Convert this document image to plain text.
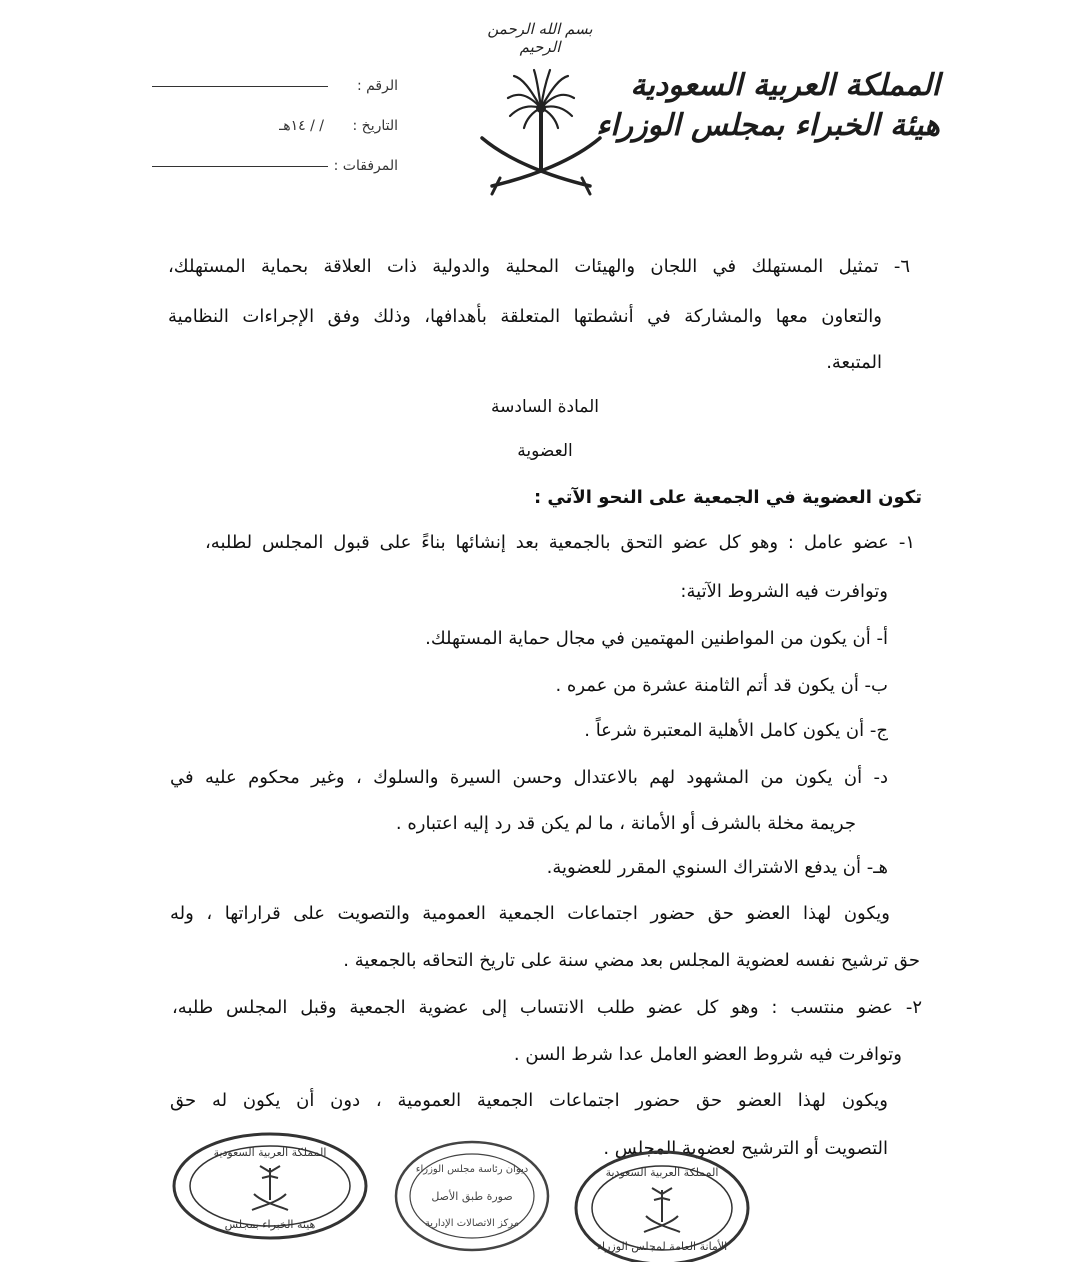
بسم الله الرحمن الرحيم
المملكة العربية السعودية
هيئة الخبراء بمجلس الوزراء
الرقم :
التاريخ :
/ / ١٤هـ
المرفقات :
٦- تمثيل المستهلك في اللجان والهيئات المحلية والدولية ذات العلاقة بحماية المستهلك،
والتعاون معها والمشاركة في أنشطتها المتعلقة بأهدافها، وذلك وفق الإجراءات النظامية
المتبعة.
المادة السادسة
العضوية
تكون العضوية في الجمعية على النحو الآتي :
١- عضو عامل : وهو كل عضو التحق بالجمعية بعد إنشائها بناءً على قبول المجلس لطلبه،
وتوافرت فيه الشروط الآتية:
أ- أن يكون من المواطنين المهتمين في مجال حماية المستهلك.
ب- أن يكون قد أتم الثامنة عشرة من عمره .
ج- أن يكون كامل الأهلية المعتبرة شرعاً .
د- أن يكون من المشهود لهم بالاعتدال وحسن السيرة والسلوك ، وغير محكوم عليه في
جريمة مخلة بالشرف أو الأمانة ، ما لم يكن قد رد إليه اعتباره .
هـ- أن يدفع الاشتراك السنوي المقرر للعضوية.
ويكون لهذا العضو حق حضور اجتماعات الجمعية العمومية والتصويت على قراراتها ، وله
حق ترشيح نفسه لعضوية المجلس بعد مضي سنة على تاريخ التحاقه بالجمعية .
٢- عضو منتسب : وهو كل عضو طلب الانتساب إلى عضوية الجمعية وقبل المجلس طلبه،
وتوافرت فيه شروط العضو العامل عدا شرط السن .
ويكون لهذا العضو حق حضور اجتماعات الجمعية العمومية ، دون أن يكون له حق
التصويت أو الترشيح لعضوية المجلس .
المملكة العربية السعودية
هيئة الخبراء بمجلس
ديوان رئاسة مجلس الوزراء
صورة طبق الأصل
مركز الاتصالات الإدارية
المملكة العربية السعودية
الأمانة العامة لمجلس الوزراء
